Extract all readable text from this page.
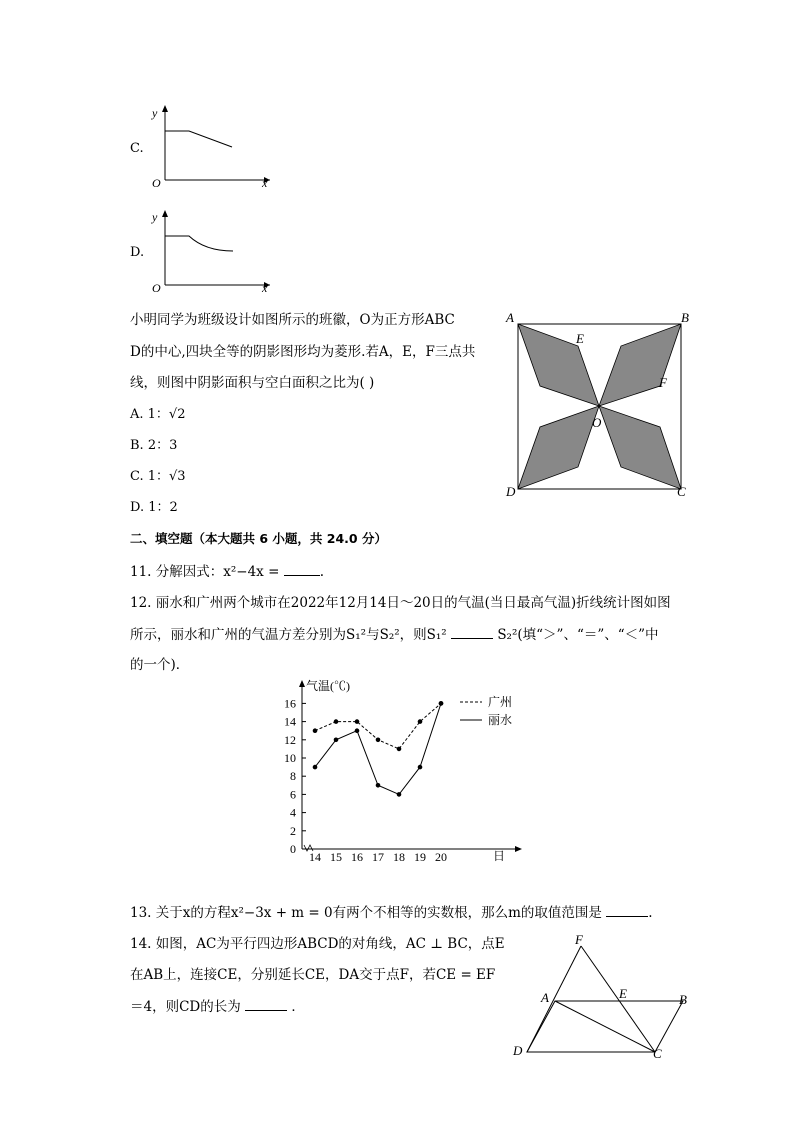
C.
y
x
O
D.
y
x
O
小明同学为班级设计如图所示的班徽，O为正方形ABC
D的中心,四块全等的阴影图形均为菱形.若A，E，F三点共
线，则图中阴影面积与空白面积之比为( )
A. 1：√2
B. 2：3
C. 1：√3
D. 1：2
A	B
C
D
E
F
O
二、填空题（本大题共 6 小题，共 24.0 分）
11. 分解因式：x²−4x =	.
12. 丽水和广州两个城市在2022年12月14日～20日的气温(当日最高气温)折线统计图如图
所示，丽水和广州的气温方差分别为S₁²与S₂²，则S₁²	S₂²(填“＞”、“＝”、“＜”中
的一个)．
0
2
4
6
8
10
12
14
16
气温(℃)
14 15 16 17 18 19 20	日
广州
丽水
13. 关于x的方程x²−3x + m = 0有两个不相等的实数根，那么m的取值范围是	.
14. 如图，AC为平行四边形ABCD的对角线，AC ⊥ BC，点E
在AB上，连接CE，分别延长CE，DA交于点F，若CE = EF
＝4，则CD的长为	．
F
A	E	B
D	C
